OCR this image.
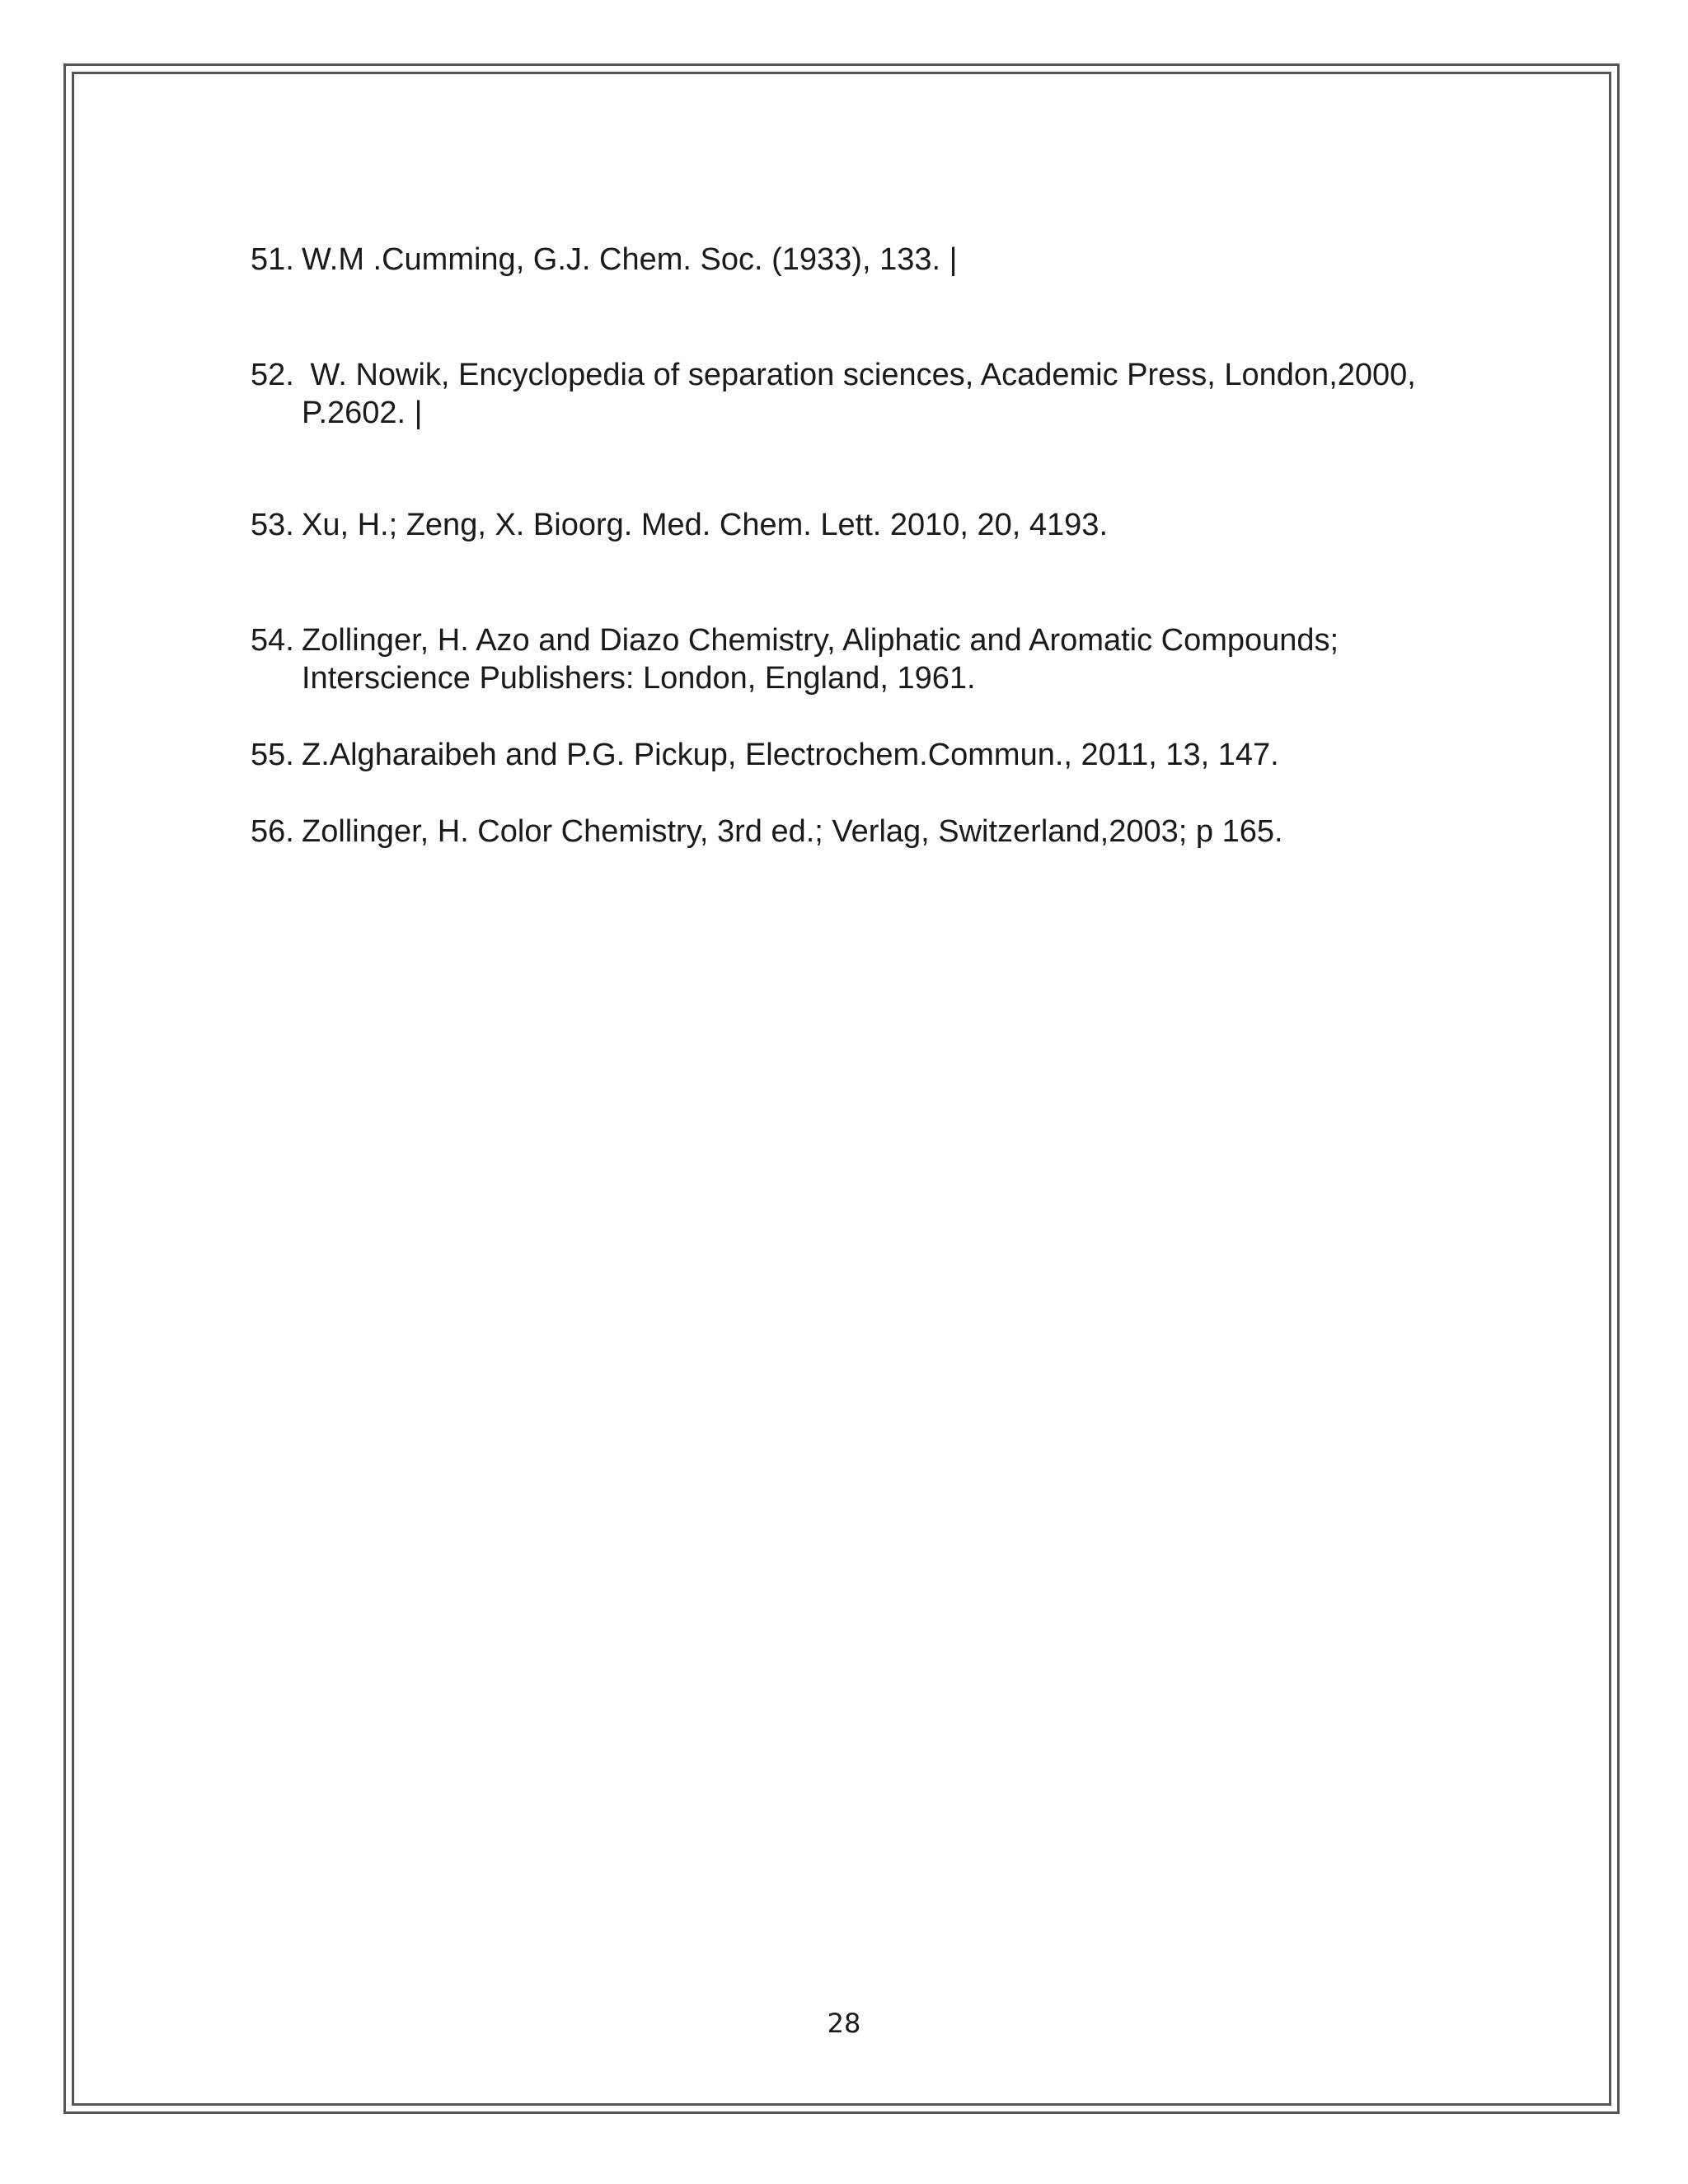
51. W.M .Cumming, G.J. Chem. Soc. (1933), 133. |
52. W. Nowik, Encyclopedia of separation sciences, Academic Press, London,2000,
P.2602. |
53. Xu, H.; Zeng, X. Bioorg. Med. Chem. Lett. 2010, 20, 4193.
54. Zollinger, H. Azo and Diazo Chemistry, Aliphatic and Aromatic Compounds;
Interscience Publishers: London, England, 1961.
55. Z.Algharaibeh and P.G. Pickup, Electrochem.Commun., 2011, 13, 147.
56. Zollinger, H. Color Chemistry, 3rd ed.; Verlag, Switzerland,2003; p 165.
28
